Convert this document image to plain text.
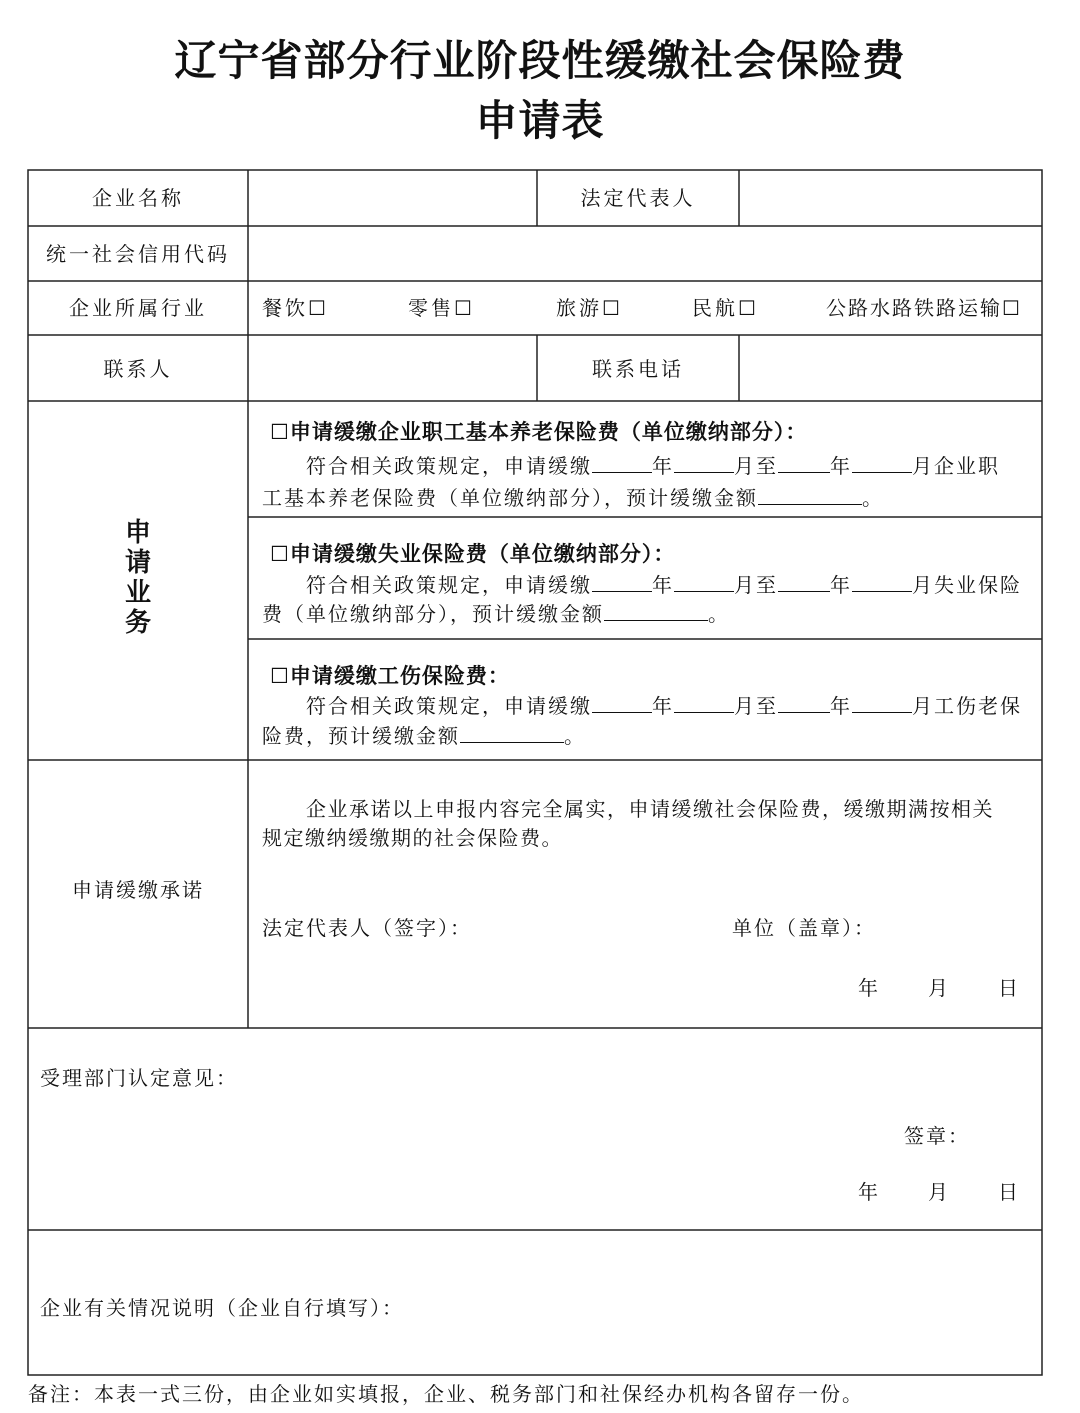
辽宁省部分行业阶段性缓缴社会保险费
申请表
企业名称	法定代表人
统一社会信用代码
企业所属行业	餐饮☐	零售☐	旅游☐	民航☐	公路水路铁路运输☐
联系人	联系电话
申
请
业
务
☐申请缓缴企业职工基本养老保险费（单位缴纳部分）：
符合相关政策规定，申请缓缴	年	月至	年	月企业职
工基本养老保险费（单位缴纳部分），预计缓缴金额	。
☐申请缓缴失业保险费（单位缴纳部分）：
符合相关政策规定，申请缓缴	年	月至	年	月失业保险
费（单位缴纳部分），预计缓缴金额	。
☐申请缓缴工伤保险费：
符合相关政策规定，申请缓缴	年	月至	年	月工伤老保
险费，预计缓缴金额	。
申请缓缴承诺
企业承诺以上申报内容完全属实，申请缓缴社会保险费，缓缴期满按相关
规定缴纳缓缴期的社会保险费。
法定代表人（签字）：	单位（盖章）：
年 月 日
受理部门认定意见：
签章：
年 月 日
企业有关情况说明（企业自行填写）：
备注：本表一式三份，由企业如实填报，企业、税务部门和社保经办机构各留存一份。
